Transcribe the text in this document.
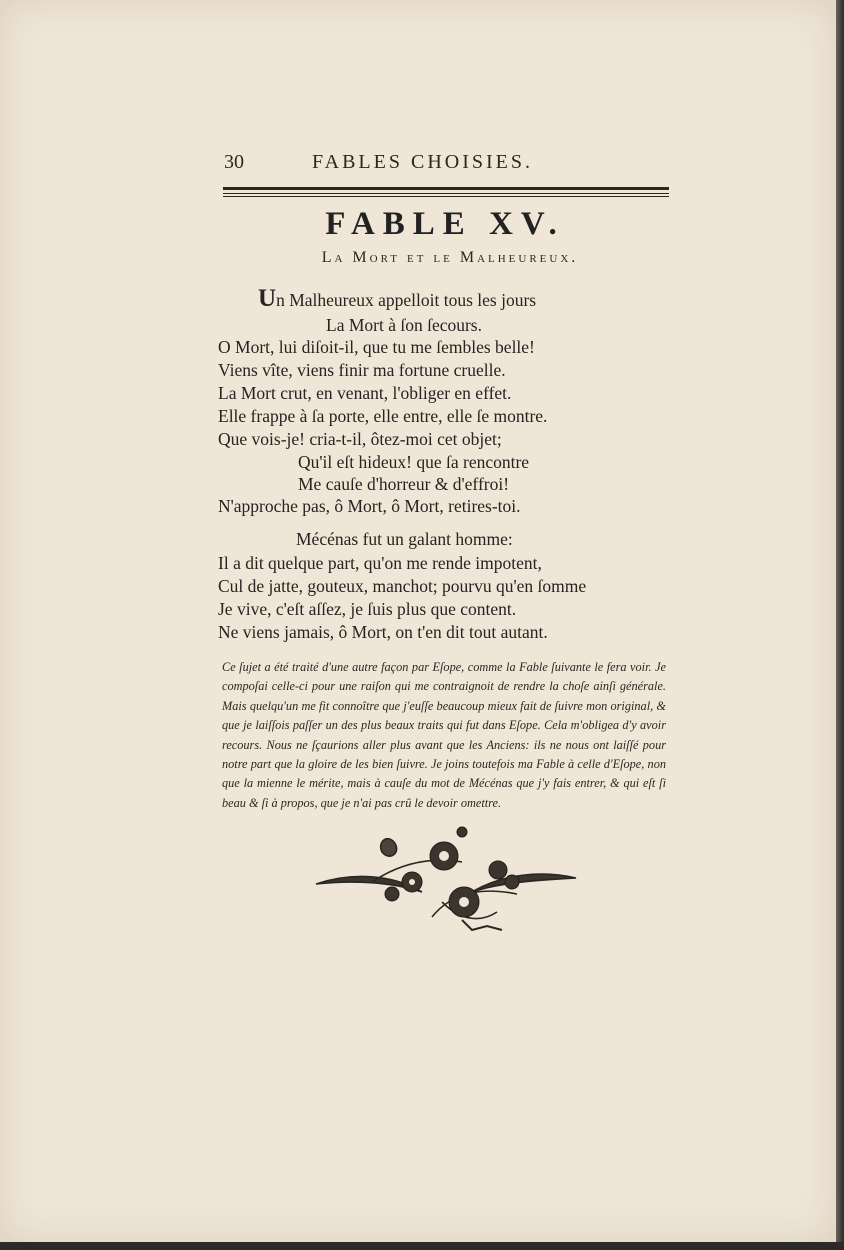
30	FABLES CHOISIES.
FABLE XV.
La Mort et le Malheureux.
Un Malheureux appelloit tous les jours
La Mort à ſon ſecours.
O Mort, lui diſoit-il, que tu me ſembles belle!
Viens vîte, viens finir ma fortune cruelle.
La Mort crut, en venant, l'obliger en effet.
Elle frappe à ſa porte, elle entre, elle ſe montre.
Que vois-je! cria-t-il, ôtez-moi cet objet;
Qu'il eſt hideux! que ſa rencontre
Me cauſe d'horreur & d'effroi!
N'approche pas, ô Mort, ô Mort, retires-toi.
Mécénas fut un galant homme:
Il a dit quelque part, qu'on me rende impotent,
Cul de jatte, gouteux, manchot; pourvu qu'en ſomme
Je vive, c'eſt aſſez, je ſuis plus que content.
Ne viens jamais, ô Mort, on t'en dit tout autant.
Ce ſujet a été traité d'une autre façon par Eſope, comme la Fable ſuivante le fera voir. Je compoſai celle-ci pour une raiſon qui me contraignoit de rendre la choſe ainſi générale. Mais quelqu'un me fit connoître que j'euſſe beaucoup mieux fait de ſuivre mon original, & que je laiſſois paſſer un des plus beaux traits qui fut dans Eſope. Cela m'obligea d'y avoir recours. Nous ne ſçaurions aller plus avant que les Anciens: ils ne nous ont laiſſé pour notre part que la gloire de les bien ſuivre. Je joins toutefois ma Fable à celle d'Eſope, non que la mienne le mérite, mais à cauſe du mot de Mécénas que j'y fais entrer, & qui eſt ſi beau & ſi à propos, que je n'ai pas crû le devoir omettre.
